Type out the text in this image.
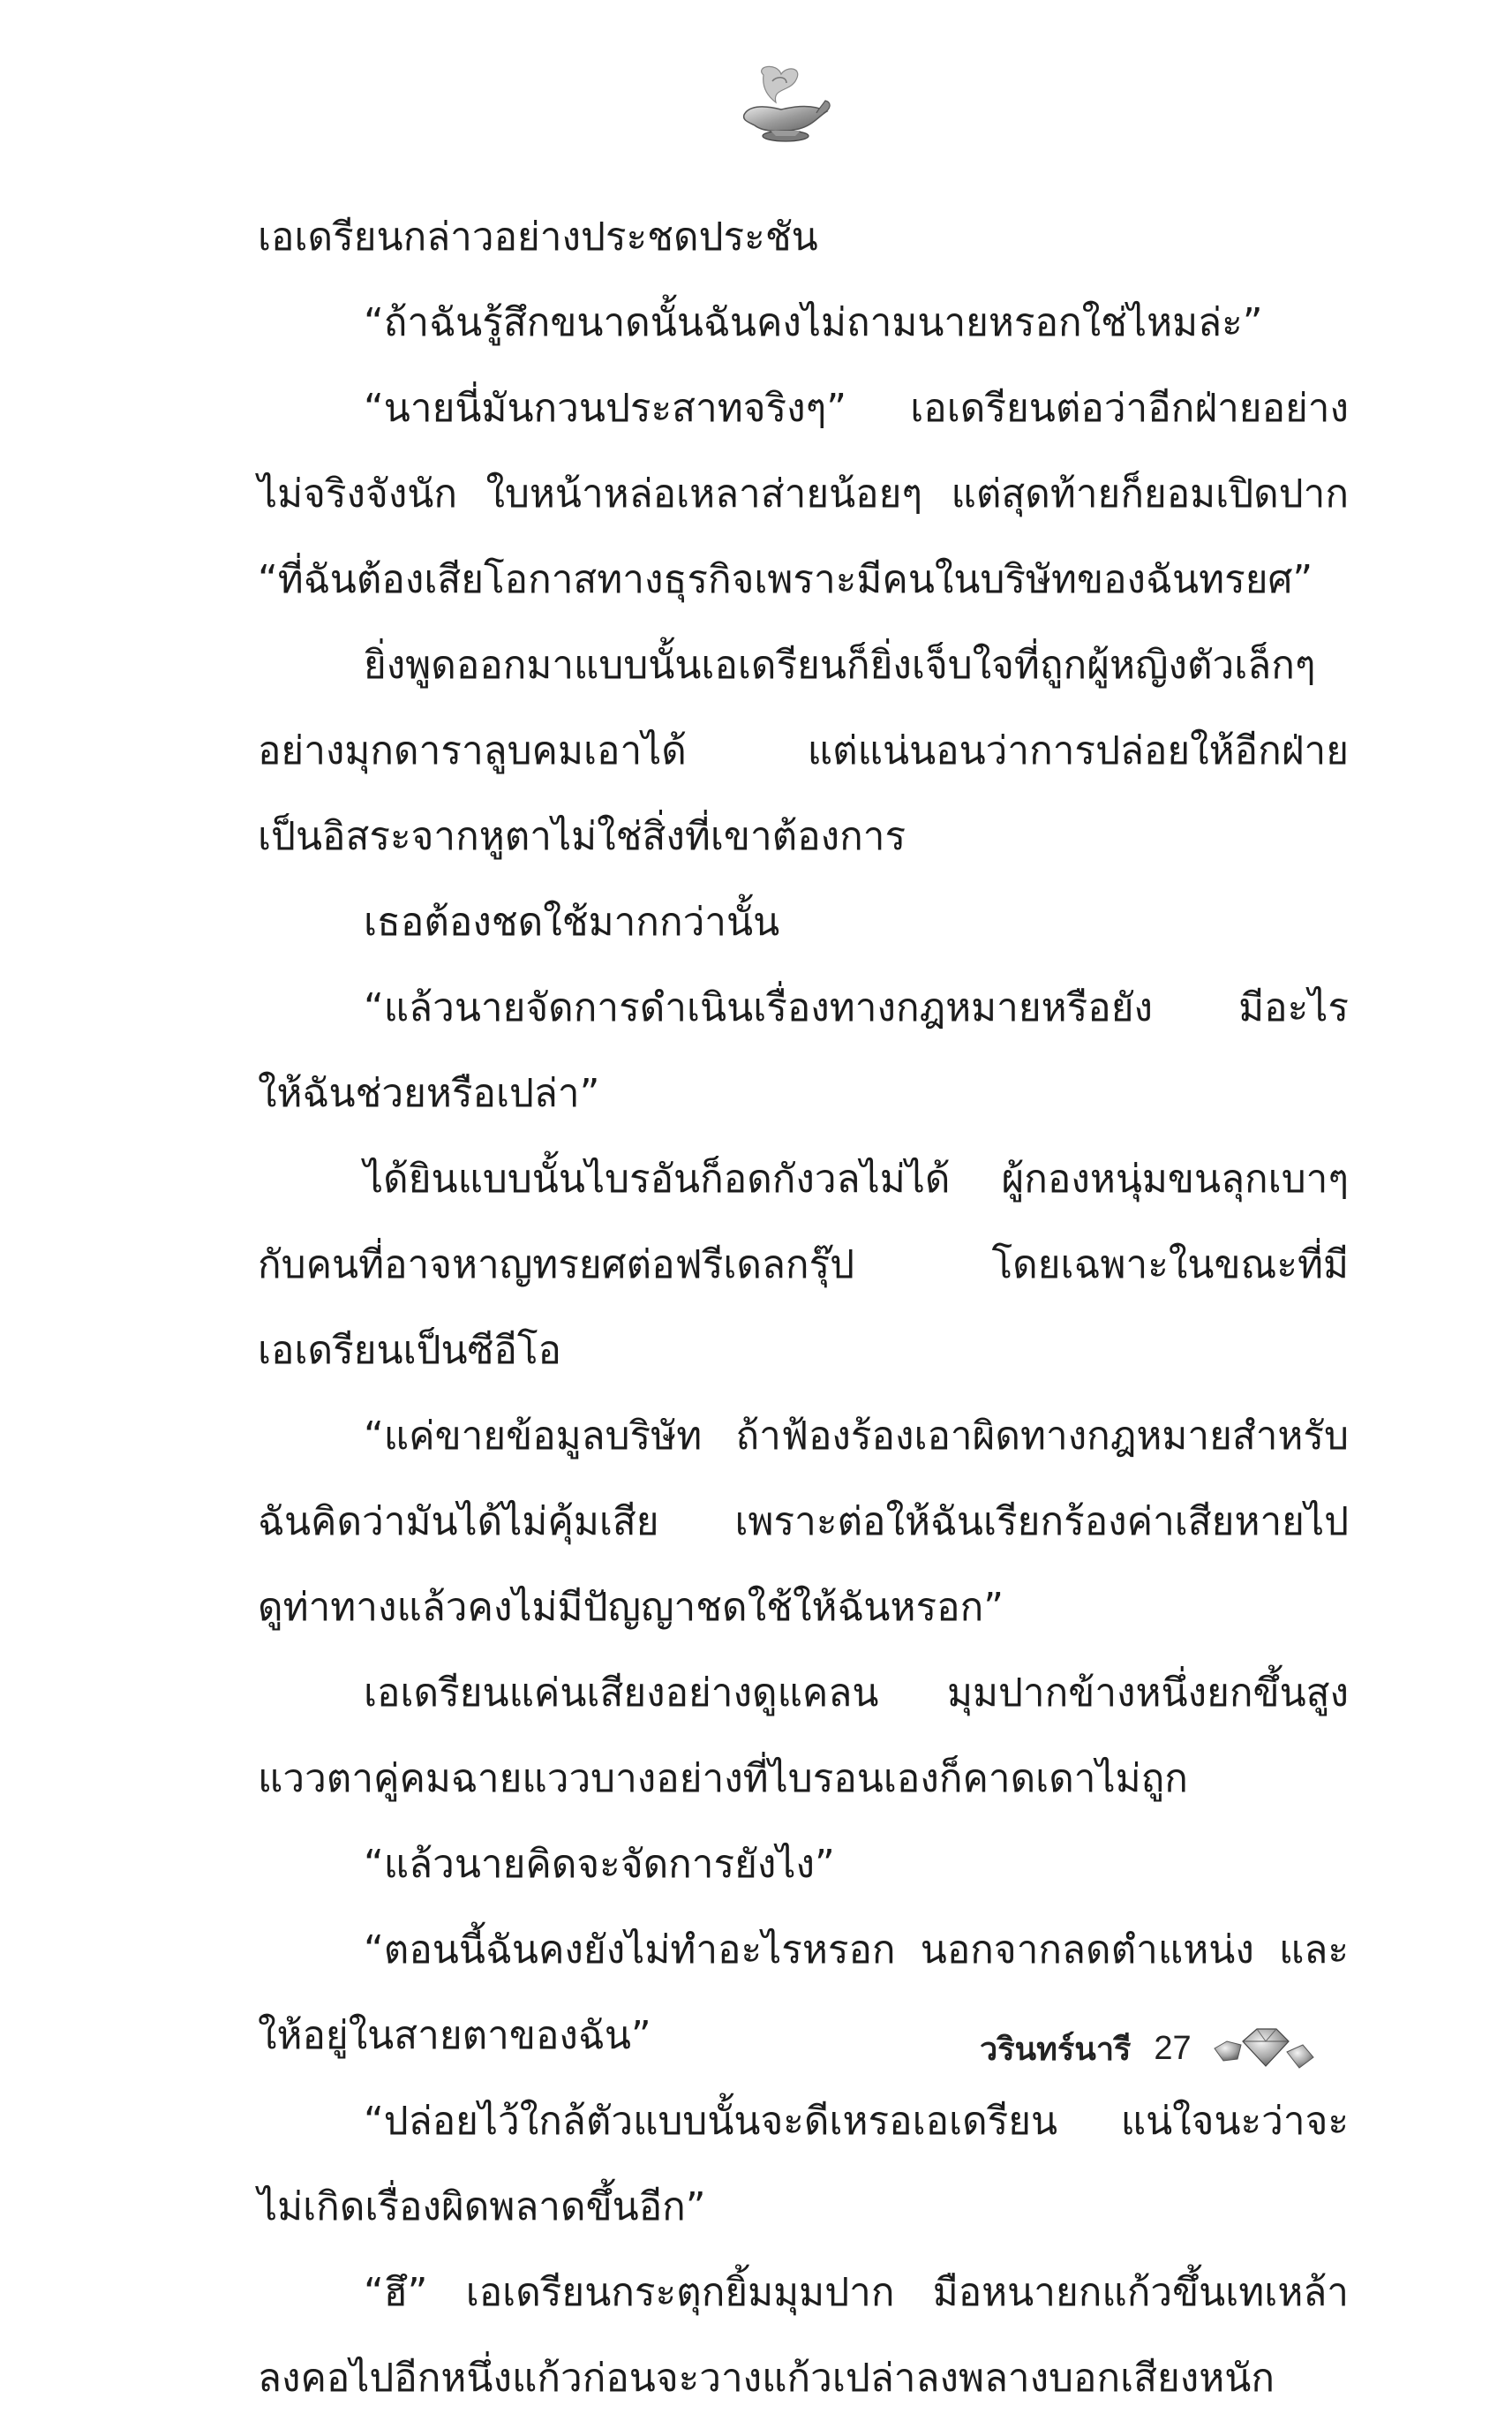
เอเดรียนกล่าวอย่างประชดประชัน
“ถ้าฉันรู้สึกขนาดนั้นฉันคงไม่ถามนายหรอกใช่ไหมล่ะ”
“นายนี่มันกวนประสาทจริงๆ” เอเดรียนต่อว่าอีกฝ่ายอย่าง
ไม่จริงจังนัก ใบหน้าหล่อเหลาส่ายน้อยๆ แต่สุดท้ายก็ยอมเปิดปาก
“ที่ฉันต้องเสียโอกาสทางธุรกิจเพราะมีคนในบริษัทของฉันทรยศ”
ยิ่งพูดออกมาแบบนั้นเอเดรียนก็ยิ่งเจ็บใจที่ถูกผู้หญิงตัวเล็กๆ
อย่างมุกดาราลูบคมเอาได้ แต่แน่นอนว่าการปล่อยให้อีกฝ่าย
เป็นอิสระจากหูตาไม่ใช่สิ่งที่เขาต้องการ
เธอต้องชดใช้มากกว่านั้น
“แล้วนายจัดการดำเนินเรื่องทางกฎหมายหรือยัง มีอะไร
ให้ฉันช่วยหรือเปล่า”
ได้ยินแบบนั้นไบรอันก็อดกังวลไม่ได้ ผู้กองหนุ่มขนลุกเบาๆ
กับคนที่อาจหาญทรยศต่อฟรีเดลกรุ๊ป โดยเฉพาะในขณะที่มี
เอเดรียนเป็นซีอีโอ
“แค่ขายข้อมูลบริษัท ถ้าฟ้องร้องเอาผิดทางกฎหมายสำหรับ
ฉันคิดว่ามันได้ไม่คุ้มเสีย เพราะต่อให้ฉันเรียกร้องค่าเสียหายไป
ดูท่าทางแล้วคงไม่มีปัญญาชดใช้ให้ฉันหรอก”
เอเดรียนแค่นเสียงอย่างดูแคลน มุมปากข้างหนึ่งยกขึ้นสูง
แววตาคู่คมฉายแววบางอย่างที่ไบรอนเองก็คาดเดาไม่ถูก
“แล้วนายคิดจะจัดการยังไง”
“ตอนนี้ฉันคงยังไม่ทำอะไรหรอก นอกจากลดตำแหน่ง และ
ให้อยู่ในสายตาของฉัน”
“ปล่อยไว้ใกล้ตัวแบบนั้นจะดีเหรอเอเดรียน แน่ใจนะว่าจะ
ไม่เกิดเรื่องผิดพลาดขึ้นอีก”
“ฮึ” เอเดรียนกระตุกยิ้มมุมปาก มือหนายกแก้วขึ้นเทเหล้า
ลงคอไปอีกหนึ่งแก้วก่อนจะวางแก้วเปล่าลงพลางบอกเสียงหนัก
วรินทร์นารี 27
